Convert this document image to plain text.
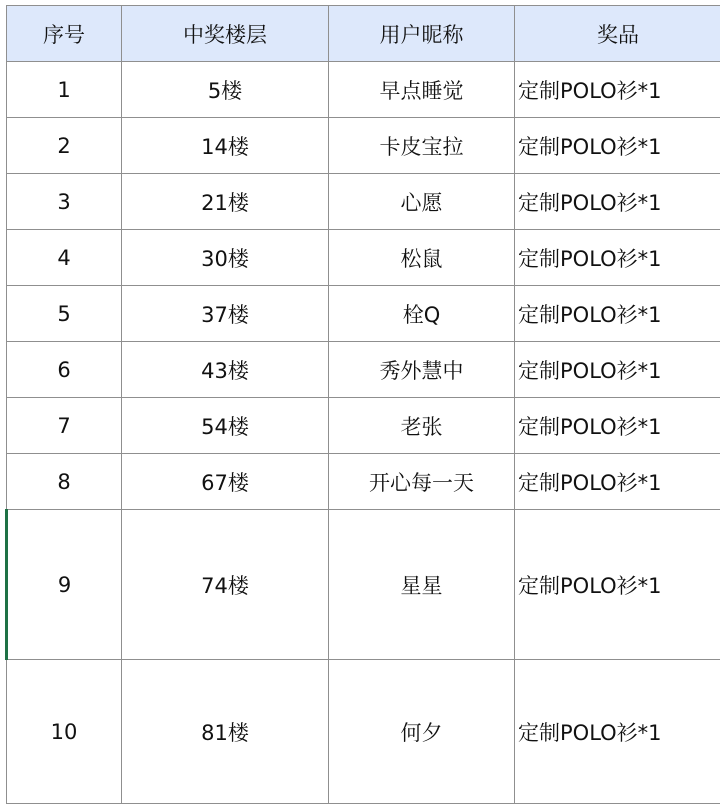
序号	中奖楼层	用户昵称	奖品
1	5楼	早点睡觉	定制POLO衫*1
2	14楼	卡皮宝拉	定制POLO衫*1
3	21楼	心愿	定制POLO衫*1
4	30楼	松鼠	定制POLO衫*1
5	37楼	栓Q	定制POLO衫*1
6	43楼	秀外慧中	定制POLO衫*1
7	54楼	老张	定制POLO衫*1
8	67楼	开心每一天	定制POLO衫*1
9	74楼	星星	定制POLO衫*1
10	81楼	何夕	定制POLO衫*1
